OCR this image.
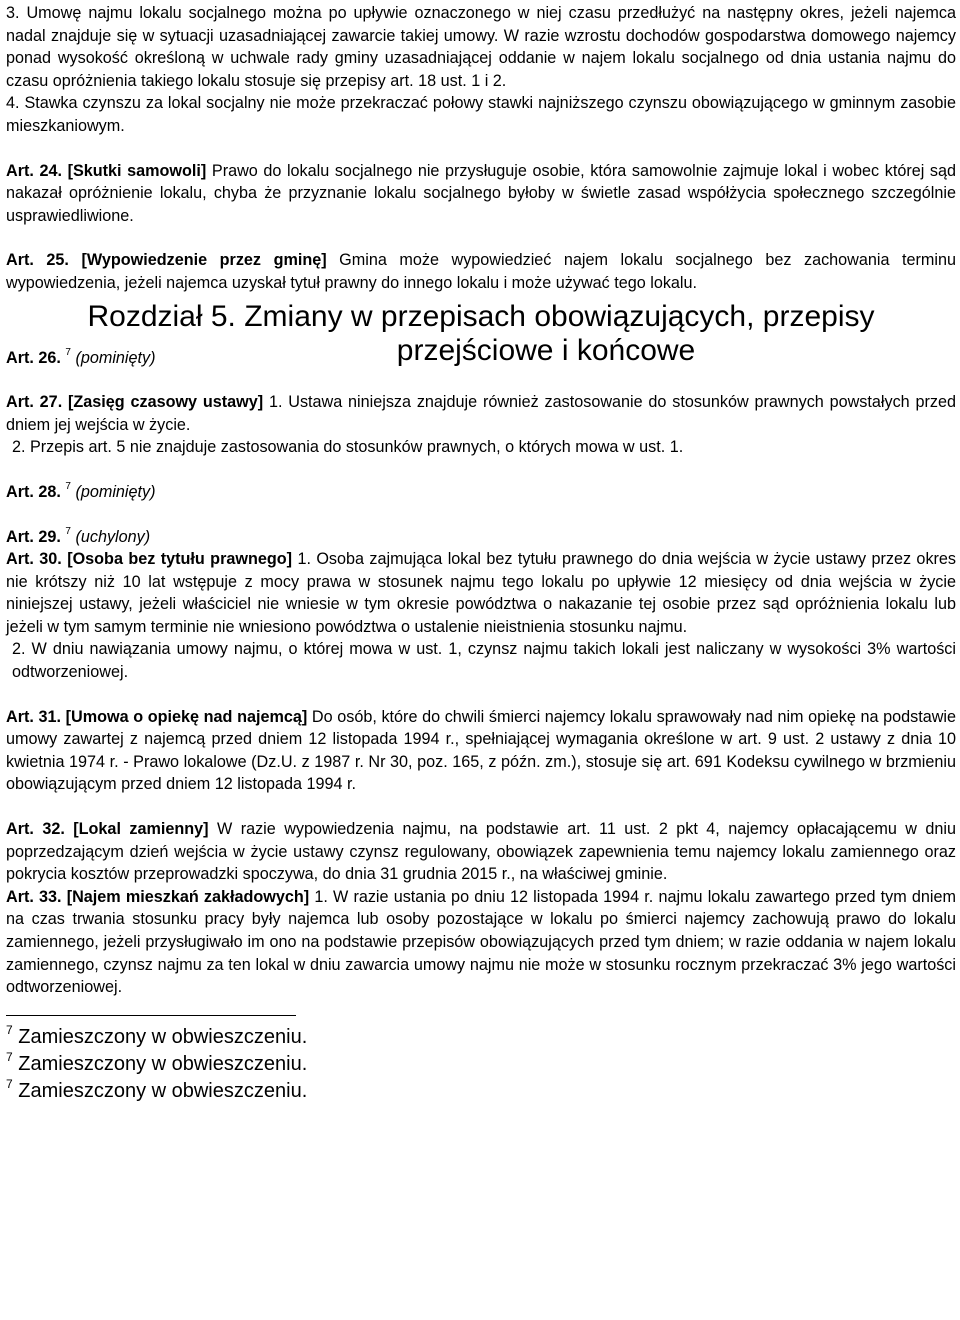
3. Umowę najmu lokalu socjalnego można po upływie oznaczonego w niej czasu przedłużyć na następny okres, jeżeli najemca nadal znajduje się w sytuacji uzasadniającej zawarcie takiej umowy. W razie wzrostu dochodów gospodarstwa domowego najemcy ponad wysokość określoną w uchwale rady gminy uzasadniającej oddanie w najem lokalu socjalnego od dnia ustania najmu do czasu opróżnienia takiego lokalu stosuje się przepisy art. 18 ust. 1 i 2.

4. Stawka czynszu za lokal socjalny nie może przekraczać połowy stawki najniższego czynszu obowiązującego w gminnym zasobie mieszkaniowym.

Art. 24. [Skutki samowoli] Prawo do lokalu socjalnego nie przysługuje osobie, która samowolnie zajmuje lokal i wobec której sąd nakazał opróżnienie lokalu, chyba że przyznanie lokalu socjalnego byłoby w świetle zasad współżycia społecznego szczególnie usprawiedliwione.

Art. 25. [Wypowiedzenie przez gminę] Gmina może wypowiedzieć najem lokalu socjalnego bez zachowania terminu wypowiedzenia, jeżeli najemca uzyskał tytuł prawny do innego lokalu i może używać tego lokalu.

Rozdział 5. Zmiany w przepisach obowiązujących, przepisy

przejściowe i końcowe

Art. 26. $^7$ (pominięty)

Art. 27. [Zasięg czasowy ustawy] 1. Ustawa niniejsza znajduje również zastosowanie do stosunków prawnych powstałych przed dniem jej wejścia w życie.

2. Przepis art. 5 nie znajduje zastosowania do stosunków prawnych, o których mowa w ust. 1.

Art. 28. $^7$ (pominięty)

Art. 29. $^7$ (uchylony)

Art. 30. [Osoba bez tytułu prawnego] 1. Osoba zajmująca lokal bez tytułu prawnego do dnia wejścia w życie ustawy przez okres nie krótszy niż 10 lat wstępuje z mocy prawa w stosunek najmu tego lokalu po upływie 12 miesięcy od dnia wejścia w życie niniejszej ustawy, jeżeli właściciel nie wniesie w tym okresie powództwa o nakazanie tej osobie przez sąd opróżnienia lokalu lub jeżeli w tym samym terminie nie wniesiono powództwa o ustalenie nieistnienia stosunku najmu.

2. W dniu nawiązania umowy najmu, o której mowa w ust. 1, czynsz najmu takich lokali jest naliczany w wysokości 3% wartości odtworzeniowej.

Art. 31. [Umowa o opiekę nad najemcą] Do osób, które do chwili śmierci najemcy lokalu sprawowały nad nim opiekę na podstawie umowy zawartej z najemcą przed dniem 12 listopada 1994 r., spełniającej wymagania określone w art. 9 ust. 2 ustawy z dnia 10 kwietnia 1974 r. - Prawo lokalowe (Dz.U. z 1987 r. Nr 30, poz. 165, z późn. zm.), stosuje się art. 691 Kodeksu cywilnego w brzmieniu obowiązującym przed dniem 12 listopada 1994 r.

Art. 32. [Lokal zamienny] W razie wypowiedzenia najmu, na podstawie art. 11 ust. 2 pkt 4, najemcy opłacającemu w dniu poprzedzającym dzień wejścia w życie ustawy czynsz regulowany, obowiązek zapewnienia temu najemcy lokalu zamiennego oraz pokrycia kosztów przeprowadzki spoczywa, do dnia 31 grudnia 2015 r., na właściwej gminie.

Art. 33. [Najem mieszkań zakładowych] 1. W razie ustania po dniu 12 listopada 1994 r. najmu lokalu zawartego przed tym dniem na czas trwania stosunku pracy były najemca lub osoby pozostające w lokalu po śmierci najemcy zachowują prawo do lokalu zamiennego, jeżeli przysługiwało im ono na podstawie przepisów obowiązujących przed tym dniem; w razie oddania w najem lokalu zamiennego, czynsz najmu za ten lokal w dniu zawarcia umowy najmu nie może w stosunku rocznym przekraczać 3% jego wartości odtworzeniowej.

$^7$ Zamieszczony w obwieszczeniu.

$^7$ Zamieszczony w obwieszczeniu.

$^7$ Zamieszczony w obwieszczeniu.
